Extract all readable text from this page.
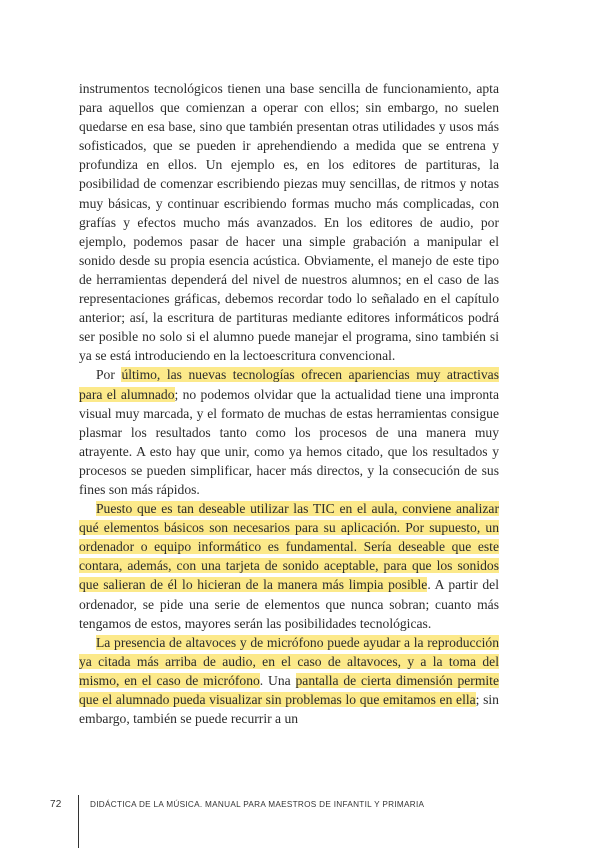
instrumentos tecnológicos tienen una base sencilla de funcionamiento, apta para aquellos que comienzan a operar con ellos; sin embargo, no suelen quedarse en esa base, sino que también presentan otras utilidades y usos más sofisticados, que se pueden ir aprehendiendo a medida que se entrena y profundiza en ellos. Un ejemplo es, en los editores de partituras, la posibilidad de comenzar escribiendo piezas muy sencillas, de ritmos y notas muy básicas, y continuar escribiendo formas mucho más complicadas, con grafías y efectos mucho más avanzados. En los editores de audio, por ejemplo, podemos pasar de hacer una simple grabación a manipular el sonido desde su propia esencia acústica. Obviamente, el manejo de este tipo de herramientas dependerá del nivel de nuestros alumnos; en el caso de las representaciones gráficas, debemos recordar todo lo señalado en el capítulo anterior; así, la escritura de partituras mediante editores informáticos podrá ser posible no solo si el alumno puede manejar el programa, sino también si ya se está introduciendo en la lectoescritura convencional.

Por último, las nuevas tecnologías ofrecen apariencias muy atractivas para el alumnado; no podemos olvidar que la actualidad tiene una impronta visual muy marcada, y el formato de muchas de estas herramientas consigue plasmar los resultados tanto como los procesos de una manera muy atrayente. A esto hay que unir, como ya hemos citado, que los resultados y procesos se pueden simplificar, hacer más directos, y la consecución de sus fines son más rápidos.

Puesto que es tan deseable utilizar las TIC en el aula, conviene analizar qué elementos básicos son necesarios para su aplicación. Por supuesto, un ordenador o equipo informático es fundamental. Sería deseable que este contara, además, con una tarjeta de sonido aceptable, para que los sonidos que salieran de él lo hicieran de la manera más limpia posible. A partir del ordenador, se pide una serie de elementos que nunca sobran; cuanto más tengamos de estos, mayores serán las posibilidades tecnológicas.

La presencia de altavoces y de micrófono puede ayudar a la reproducción ya citada más arriba de audio, en el caso de altavoces, y a la toma del mismo, en el caso de micrófono. Una pantalla de cierta dimensión permite que el alumnado pueda visualizar sin problemas lo que emitamos en ella; sin embargo, también se puede recurrir a un

72	DIDÁCTICA DE LA MÚSICA. MANUAL PARA MAESTROS DE INFANTIL Y PRIMARIA
